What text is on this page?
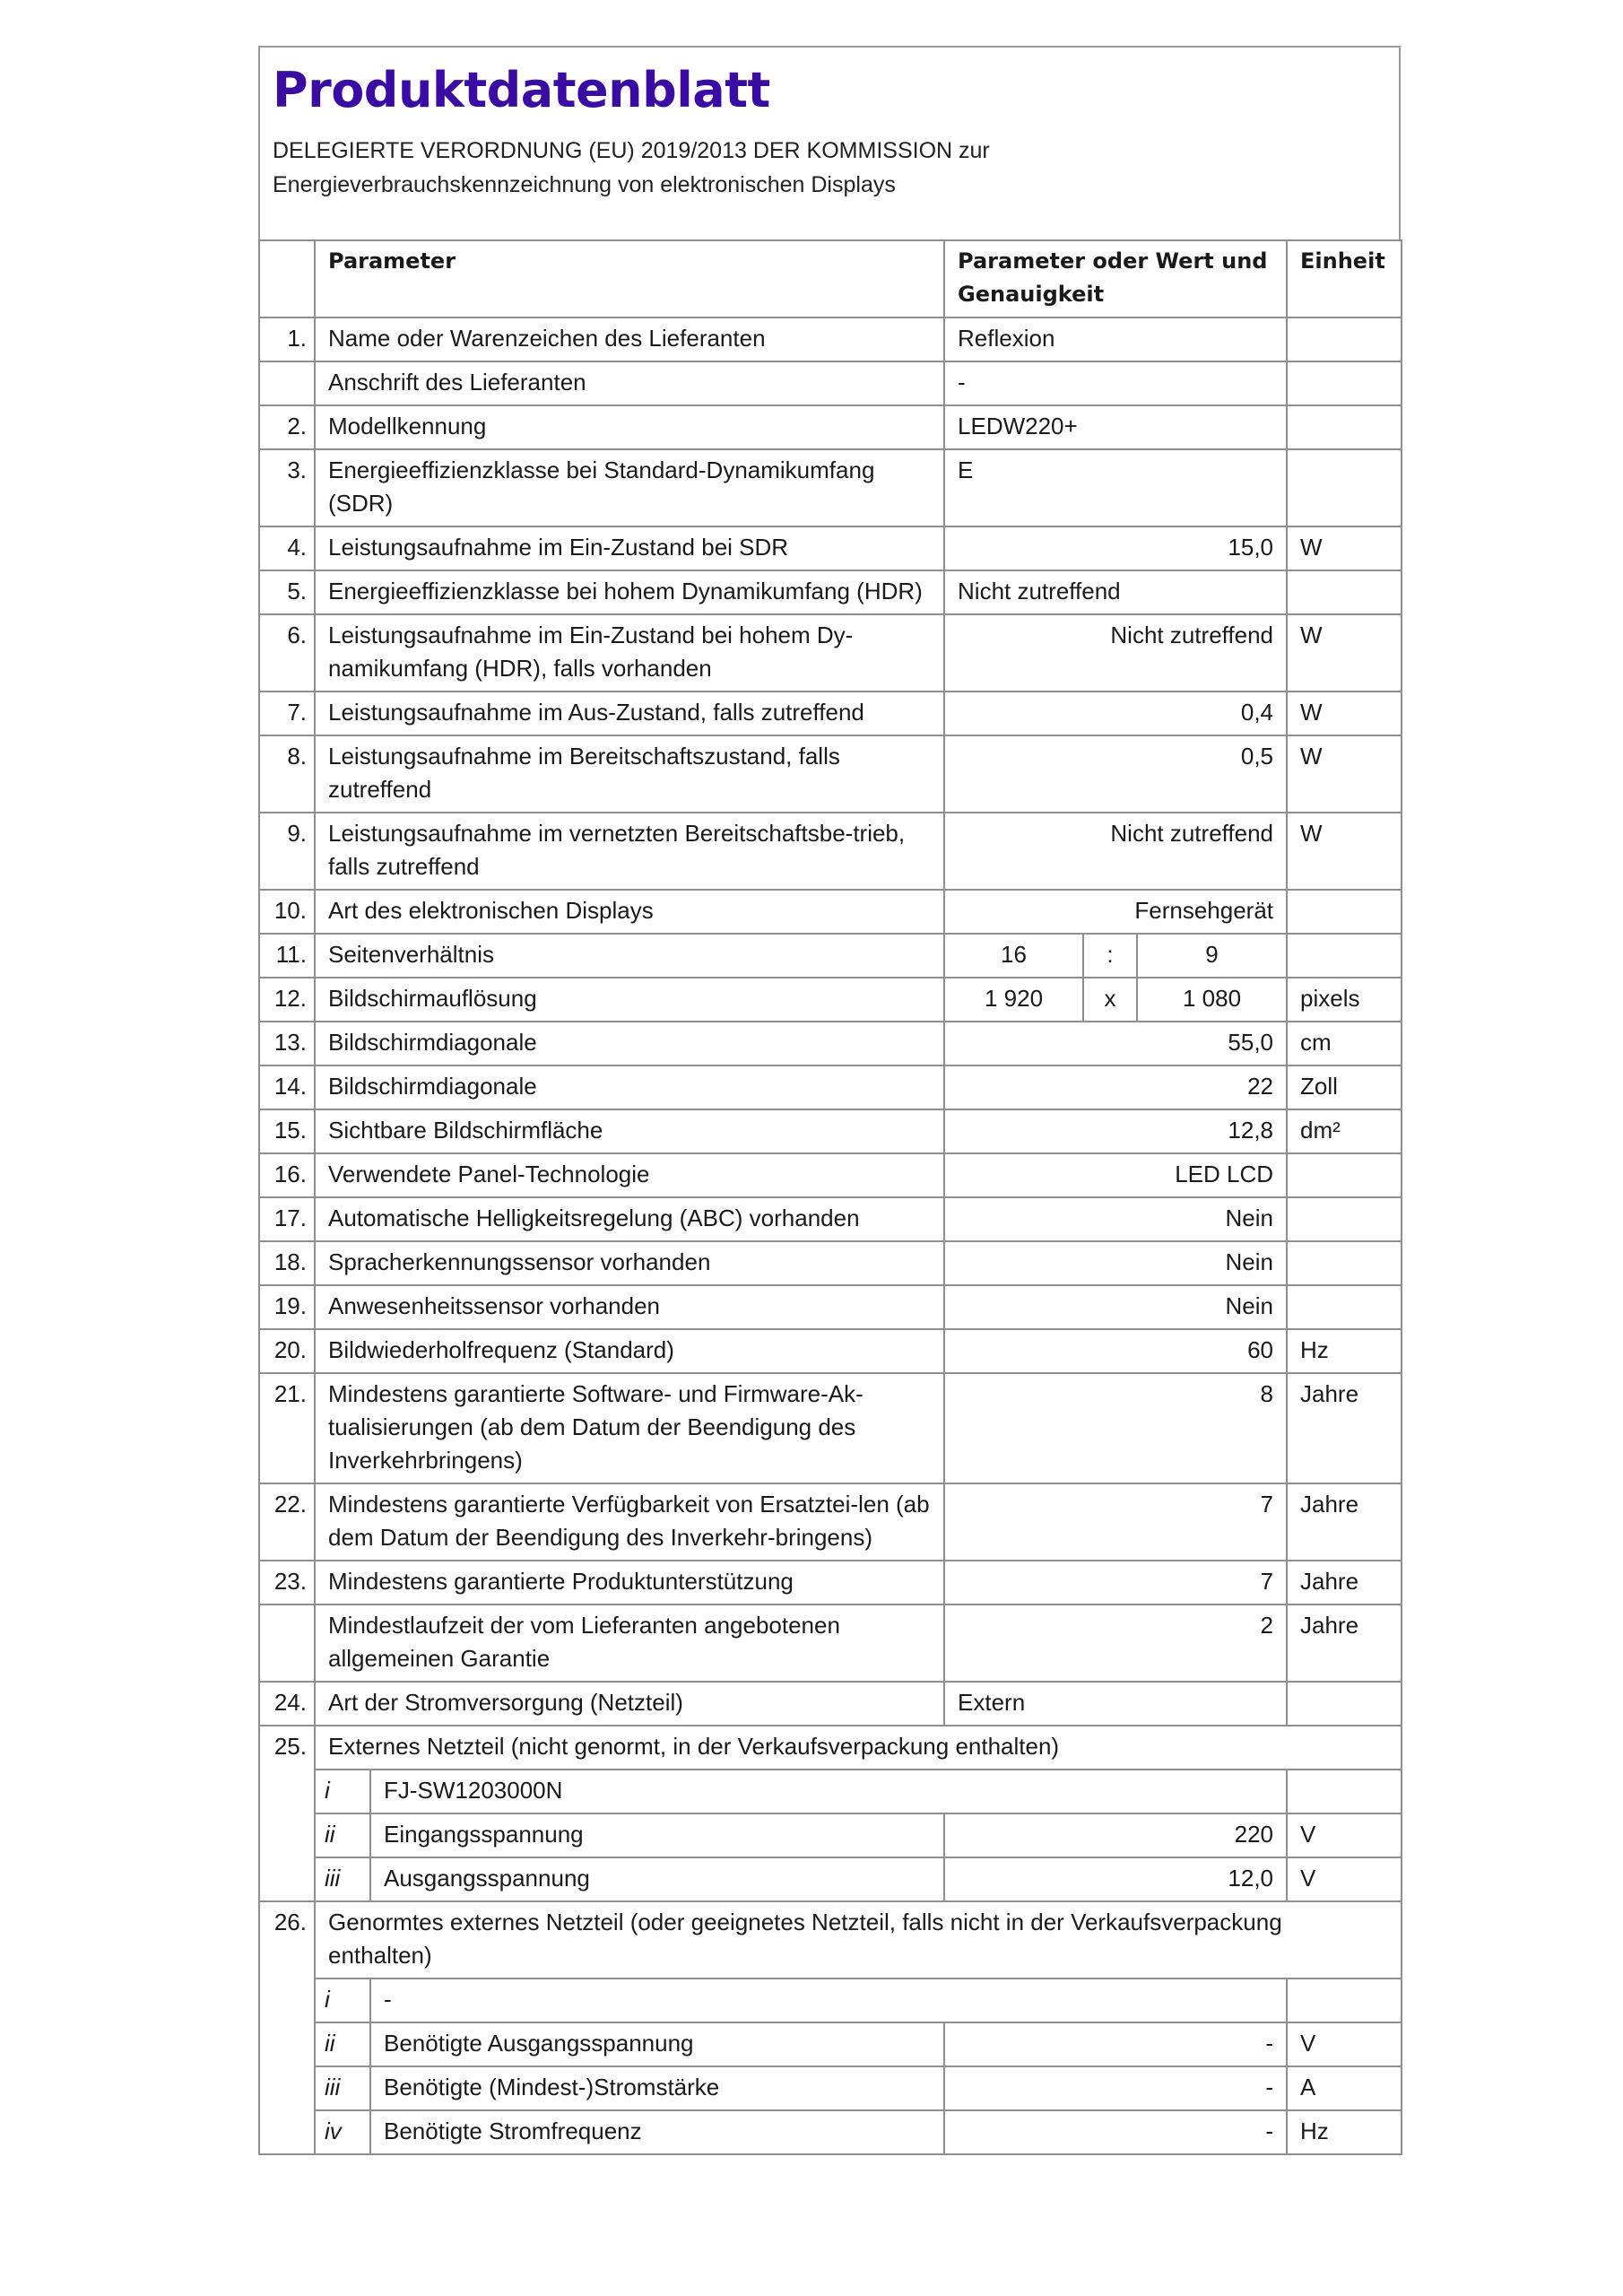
Produktdatenblatt
DELEGIERTE VERORDNUNG (EU) 2019/2013 DER KOMMISSION zur
Energieverbrauchskennzeichnung von elektronischen Displays
	Parameter		Parameter oder Wert und Genauigkeit			Einheit
1.	Name oder Warenzeichen des Lieferanten		Reflexion			
	Anschrift des Lieferanten		-			
2.	Modellkennung		LEDW220+			
3.	Energieeffizienzklasse bei Standard-Dynamikumfang (SDR)		E			
4.	Leistungsaufnahme im Ein-Zustand bei SDR		15,0			W
5.	Energieeffizienzklasse bei hohem Dynamikumfang (HDR)		Nicht zutreffend			
6.	Leistungsaufnahme im Ein-Zustand bei hohem Dy-namikumfang (HDR), falls vorhanden		Nicht zutreffend			W
7.	Leistungsaufnahme im Aus-Zustand, falls zutreffend		0,4			W
8.	Leistungsaufnahme im Bereitschaftszustand, falls zutreffend		0,5			W
9.	Leistungsaufnahme im vernetzten Bereitschaftsbe-trieb, falls zutreffend		Nicht zutreffend			W
10.	Art des elektronischen Displays		Fernsehgerät			
11.	Seitenverhältnis		16	:	9	
12.	Bildschirmauflösung		1 920	x	1 080	pixels
13.	Bildschirmdiagonale		55,0			cm
14.	Bildschirmdiagonale		22			Zoll
15.	Sichtbare Bildschirmfläche		12,8			dm²
16.	Verwendete Panel-Technologie		LED LCD			
17.	Automatische Helligkeitsregelung (ABC) vorhanden		Nein			
18.	Spracherkennungssensor vorhanden		Nein			
19.	Anwesenheitssensor vorhanden		Nein			
20.	Bildwiederholfrequenz (Standard)		60			Hz
21.	Mindestens garantierte Software- und Firmware-Ak-tualisierungen (ab dem Datum der Beendigung des Inverkehrbringens)		8			Jahre
22.	Mindestens garantierte Verfügbarkeit von Ersatztei-len (ab dem Datum der Beendigung des Inverkehr-bringens)		7			Jahre
23.	Mindestens garantierte Produktunterstützung		7			Jahre
	Mindestlaufzeit der vom Lieferanten angebotenen allgemeinen Garantie		2			Jahre
24.	Art der Stromversorgung (Netzteil)		Extern			
25.	Externes Netzteil (nicht genormt, in der Verkaufsverpackung enthalten)					
	i	FJ-SW1203000N				
	ii	Eingangsspannung	220			V
	iii	Ausgangsspannung	12,0			V
26.	Genormtes externes Netzteil (oder geeignetes Netzteil, falls nicht in der Verkaufsverpackung enthalten)					
	i	-				
	ii	Benötigte Ausgangsspannung	-			V
	iii	Benötigte (Mindest-)Stromstärke	-			A
	iv	Benötigte Stromfrequenz	-			Hz
